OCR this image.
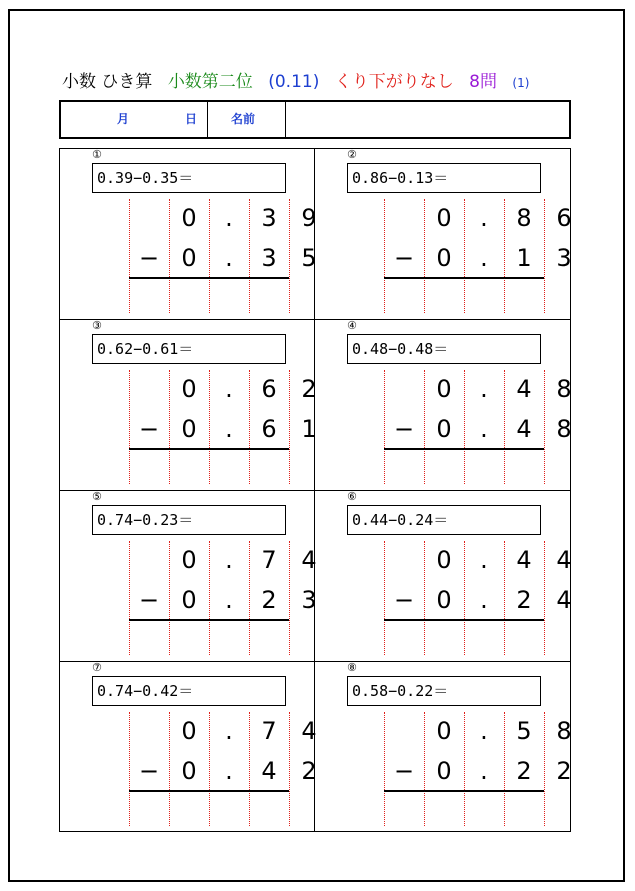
小数 ひき算 小数第二位 (0.11) くり下がりなし 8問 (1)
月	日	名前
①
0.39−0.35＝
0	.	3	9
− 0	.	3	5
②
0.86−0.13＝
0	.	8	6
− 0	.	1	3
③
0.62−0.61＝
0	.	6	2
− 0	.	6	1
④
0.48−0.48＝
0	.	4	8
− 0	.	4	8
⑤
0.74−0.23＝
0	.	7	4
− 0	.	2	3
⑥
0.44−0.24＝
0	.	4	4
− 0	.	2	4
⑦
0.74−0.42＝
0	.	7	4
− 0	.	4	2
⑧
0.58−0.22＝
0	.	5	8
− 0	.	2	2
